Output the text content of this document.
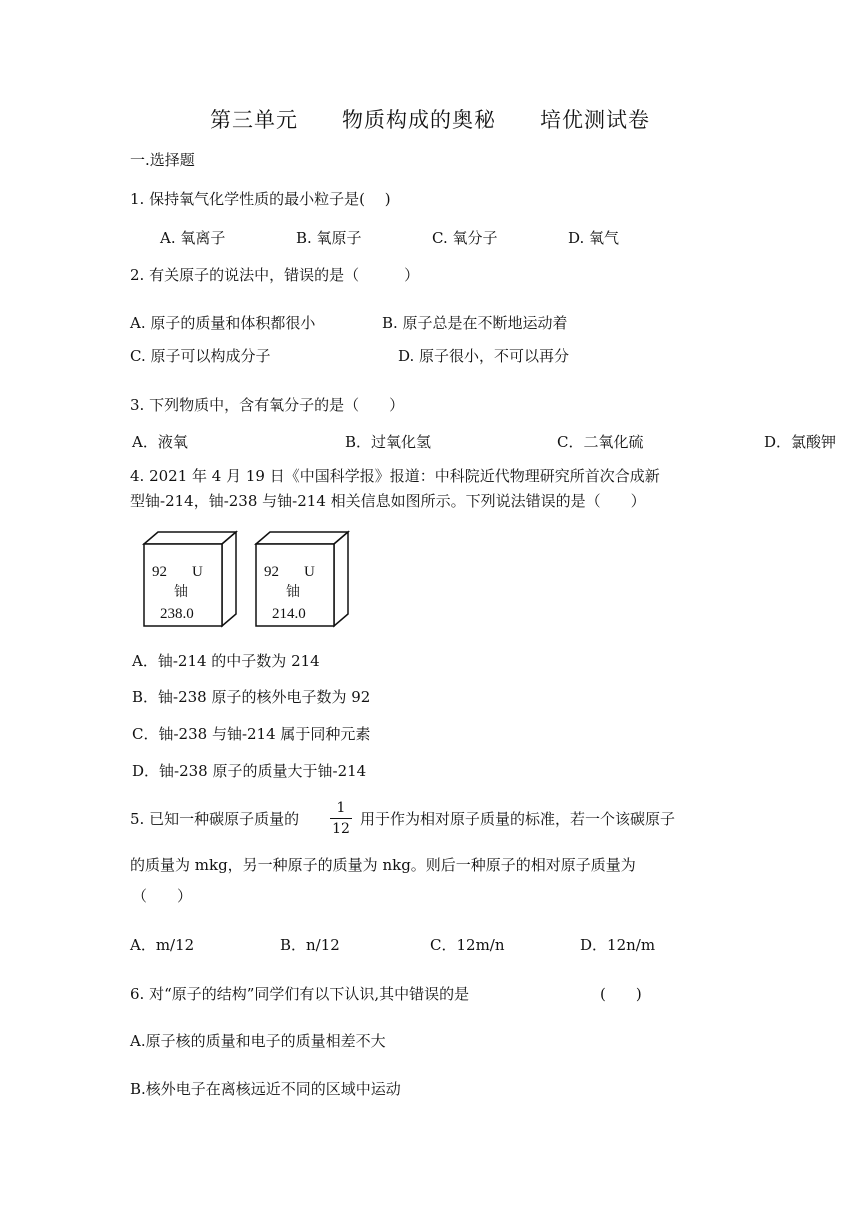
第三单元　　物质构成的奥秘　　培优测试卷
一.选择题
1. 保持氧气化学性质的最小粒子是(　 )
A. 氧离子	B. 氧原子	C. 氧分子	D. 氧气
2. 有关原子的说法中，错误的是（　　　）
A. 原子的质量和体积都很小	B. 原子总是在不断地运动着
C. 原子可以构成分子	D. 原子很小，不可以再分
3. 下列物质中，含有氧分子的是（　　）
A．液氧	B．过氧化氢	C．二氧化硫	D．氯酸钾
4. 2021 年 4 月 19 日《中国科学报》报道：中科院近代物理研究所首次合成新
型铀-214，铀-238 与铀-214 相关信息如图所示。下列说法错误的是（　　）
92 U
铀
238.0
92 U
铀
214.0
A．铀-214 的中子数为 214
B．铀-238 原子的核外电子数为 92
C．铀-238 与铀-214 属于同种元素
D．铀-238 原子的质量大于铀-214
5. 已知一种碳原子质量的
1
12
用于作为相对原子质量的标准，若一个该碳原子
的质量为 mkg，另一种原子的质量为 nkg。则后一种原子的相对原子质量为
（　　）
A．m/12	B．n/12	C．12m/n	D．12n/m
6. 对“原子的结构”同学们有以下认识,其中错误的是	(　　)
A.原子核的质量和电子的质量相差不大
B.核外电子在离核远近不同的区域中运动
